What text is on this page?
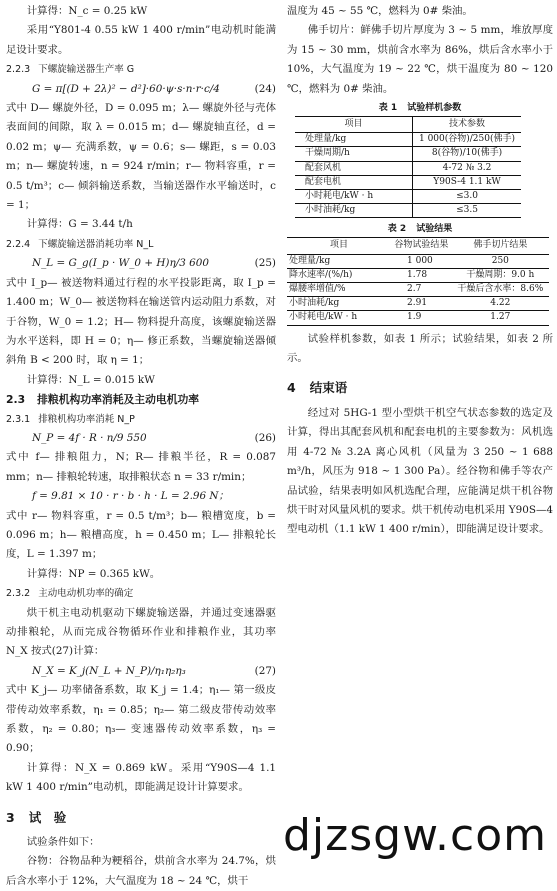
计算得：N_c = 0.25 kW

采用“Y801-4 0.55 kW 1 400 r/min”电动机时能满足设计要求。

2.2.3 下螺旋输送器生产率 G

G = π[(D + 2λ)² − d²]·60·ψ·s·n·r·c/4	(24)

式中 D— 螺旋外径，D = 0.095 m；λ— 螺旋外径与壳体表面间的间隙，取 λ = 0.015 m；d— 螺旋轴直径，d = 0.02 m；ψ— 充满系数，ψ = 0.6；s— 螺距，s = 0.03 m；n— 螺旋转速，n = 924 r/min；r— 物料容重，r = 0.5 t/m³；c— 倾斜输送系数，当输送器作水平输送时，c = 1；

计算得：G = 3.44 t/h

2.2.4 下螺旋输送器消耗功率 N_L

N_L = G_g(I_p · W_0 + H)η/3 600	(25)

式中 I_p— 被送物料通过行程的水平投影距离，取 I_p = 1.400 m；W_0— 被送物料在输送管内运动阻力系数，对于谷物，W_0 = 1.2；H— 物料提升高度，该螺旋输送器为水平送料，即 H = 0；η— 修正系数，当螺旋输送器倾斜角 B < 200 时，取 η = 1；

计算得：N_L = 0.015 kW

2.3 排粮机构功率消耗及主动电机功率

2.3.1 排粮机构功率消耗 N_P

N_P = 4f · R · n/9 550	(26)

式中 f— 排粮阻力，N；R— 排粮半径，R = 0.087 mm；n— 排粮轮转速，取排粮状态 n = 33 r/min；

f = 9.81 × 10 · r · b · h · L = 2.96 N；

式中 r— 物料容重，r = 0.5 t/m³；b— 粮槽宽度，b = 0.096 m；h— 粮槽高度，h = 0.450 m；L— 排粮轮长度，L = 1.397 m；

计算得：NP = 0.365 kW。

2.3.2 主动电动机功率的确定

烘干机主电动机驱动下螺旋输送器，并通过变速器驱动排粮轮，从而完成谷物循环作业和排粮作业，其功率 N_X 按式(27)计算：

N_X = K_j(N_L + N_P)/η₁η₂η₃	(27)

式中 K_j— 功率储备系数，取 K_j = 1.4；η₁— 第一级皮带传动效率系数，η₁ = 0.85；η₂— 第二级皮带传动效率系数，η₂ = 0.80；η₃— 变速器传动效率系数，η₃ = 0.90；

计算得：N_X = 0.869 kW。采用“Y90S—4 1.1 kW 1 400 r/min”电动机，即能满足设计计算要求。

3 试　验

试验条件如下：

谷物：谷物品种为粳稻谷，烘前含水率为 24.7%，烘后含水率小于 12%，大气温度为 18 ~ 24 ℃，烘干

温度为 45 ~ 55 ℃，燃料为 0# 柴油。

佛手切片：鲜佛手切片厚度为 3 ~ 5 mm，堆放厚度为 15 ~ 30 mm，烘前含水率为 86%，烘后含水率小于 10%，大气温度为 19 ~ 22 ℃，烘干温度为 80 ~ 120 ℃，燃料为 0# 柴油。

表 1 试验样机参数
项目	技术参数
处理量/kg	1 000(谷物)/250(佛手)
干燥周期/h	8(谷物)/10(佛手)
配套风机	4-72 № 3.2
配套电机	Y90S-4 1.1 kW
小时耗电/kW · h	≤3.0
小时油耗/kg	≤3.5
表 2 试验结果
项目	谷物试验结果	佛手切片结果
处理量/kg	1 000	250
降水速率/(%/h)	1.78	干燥周期：9.0 h
爆腰率增值/%	2.7	干燥后含水率：8.6%
小时油耗/kg	2.91	4.22
小时耗电/kW · h	1.9	1.27

试验样机参数，如表 1 所示；试验结果，如表 2 所示。

4 结束语

经过对 5HG-1 型小型烘干机空气状态参数的选定及计算，得出其配套风机和配套电机的主要参数为：风机选用 4-72 № 3.2A 离心风机（风量为 3 250 ~ 1 688 m³/h，风压为 918 ~ 1 300 Pa）。经谷物和佛手等农产品试验，结果表明如风机选配合理，应能满足烘干机谷物烘干时对风量风机的要求。烘干机传动电机采用 Y90S—4 型电动机（1.1 kW 1 400 r/min），即能满足设计要求。

djzsgw.com
